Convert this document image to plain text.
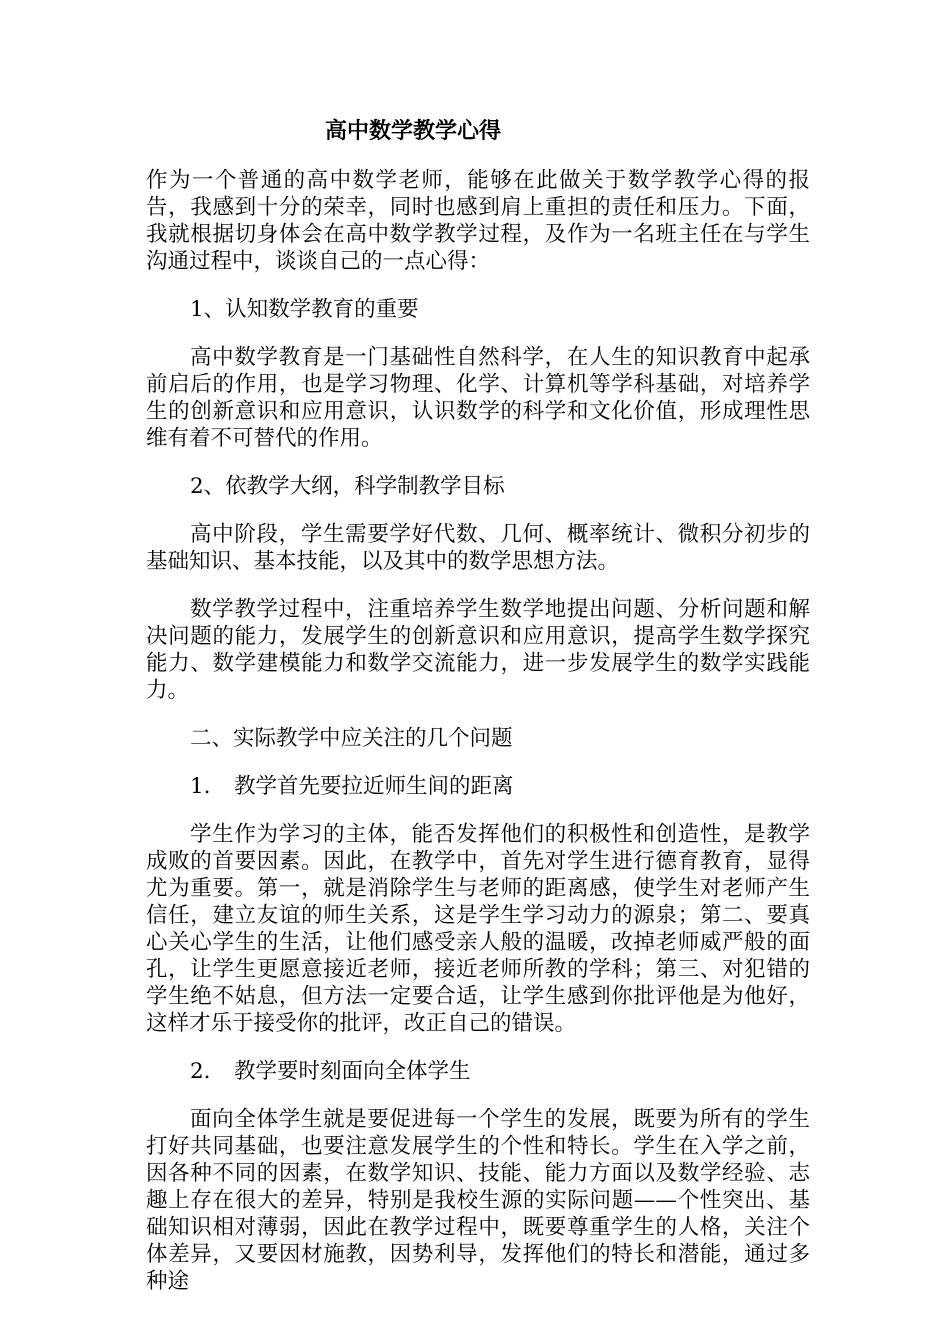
高中数学教学心得

作为一个普通的高中数学老师，能够在此做关于数学教学心得的报告，我感到十分的荣幸，同时也感到肩上重担的责任和压力。下面，我就根据切身体会在高中数学教学过程，及作为一名班主任在与学生沟通过程中，谈谈自己的一点心得：

1、认知数学教育的重要

高中数学教育是一门基础性自然科学，在人生的知识教育中起承前启后的作用，也是学习物理、化学、计算机等学科基础，对培养学生的创新意识和应用意识，认识数学的科学和文化价值，形成理性思维有着不可替代的作用。

2、依教学大纲，科学制教学目标

高中阶段，学生需要学好代数、几何、概率统计、微积分初步的基础知识、基本技能，以及其中的数学思想方法。

数学教学过程中，注重培养学生数学地提出问题、分析问题和解决问题的能力，发展学生的创新意识和应用意识，提高学生数学探究能力、数学建模能力和数学交流能力，进一步发展学生的数学实践能力。

二、实际教学中应关注的几个问题

1. 教学首先要拉近师生间的距离

学生作为学习的主体，能否发挥他们的积极性和创造性，是教学成败的首要因素。因此，在教学中，首先对学生进行德育教育，显得尤为重要。第一，就是消除学生与老师的距离感，使学生对老师产生信任，建立友谊的师生关系，这是学生学习动力的源泉；第二、要真心关心学生的生活，让他们感受亲人般的温暖，改掉老师威严般的面孔，让学生更愿意接近老师，接近老师所教的学科；第三、对犯错的学生绝不姑息，但方法一定要合适，让学生感到你批评他是为他好，这样才乐于接受你的批评，改正自己的错误。

2. 教学要时刻面向全体学生

面向全体学生就是要促进每一个学生的发展，既要为所有的学生打好共同基础，也要注意发展学生的个性和特长。学生在入学之前，因各种不同的因素，在数学知识、技能、能力方面以及数学经验、志趣上存在很大的差异，特别是我校生源的实际问题——个性突出、基础知识相对薄弱，因此在教学过程中，既要尊重学生的人格，关注个体差异，又要因材施教，因势利导，发挥他们的特长和潜能，通过多种途
